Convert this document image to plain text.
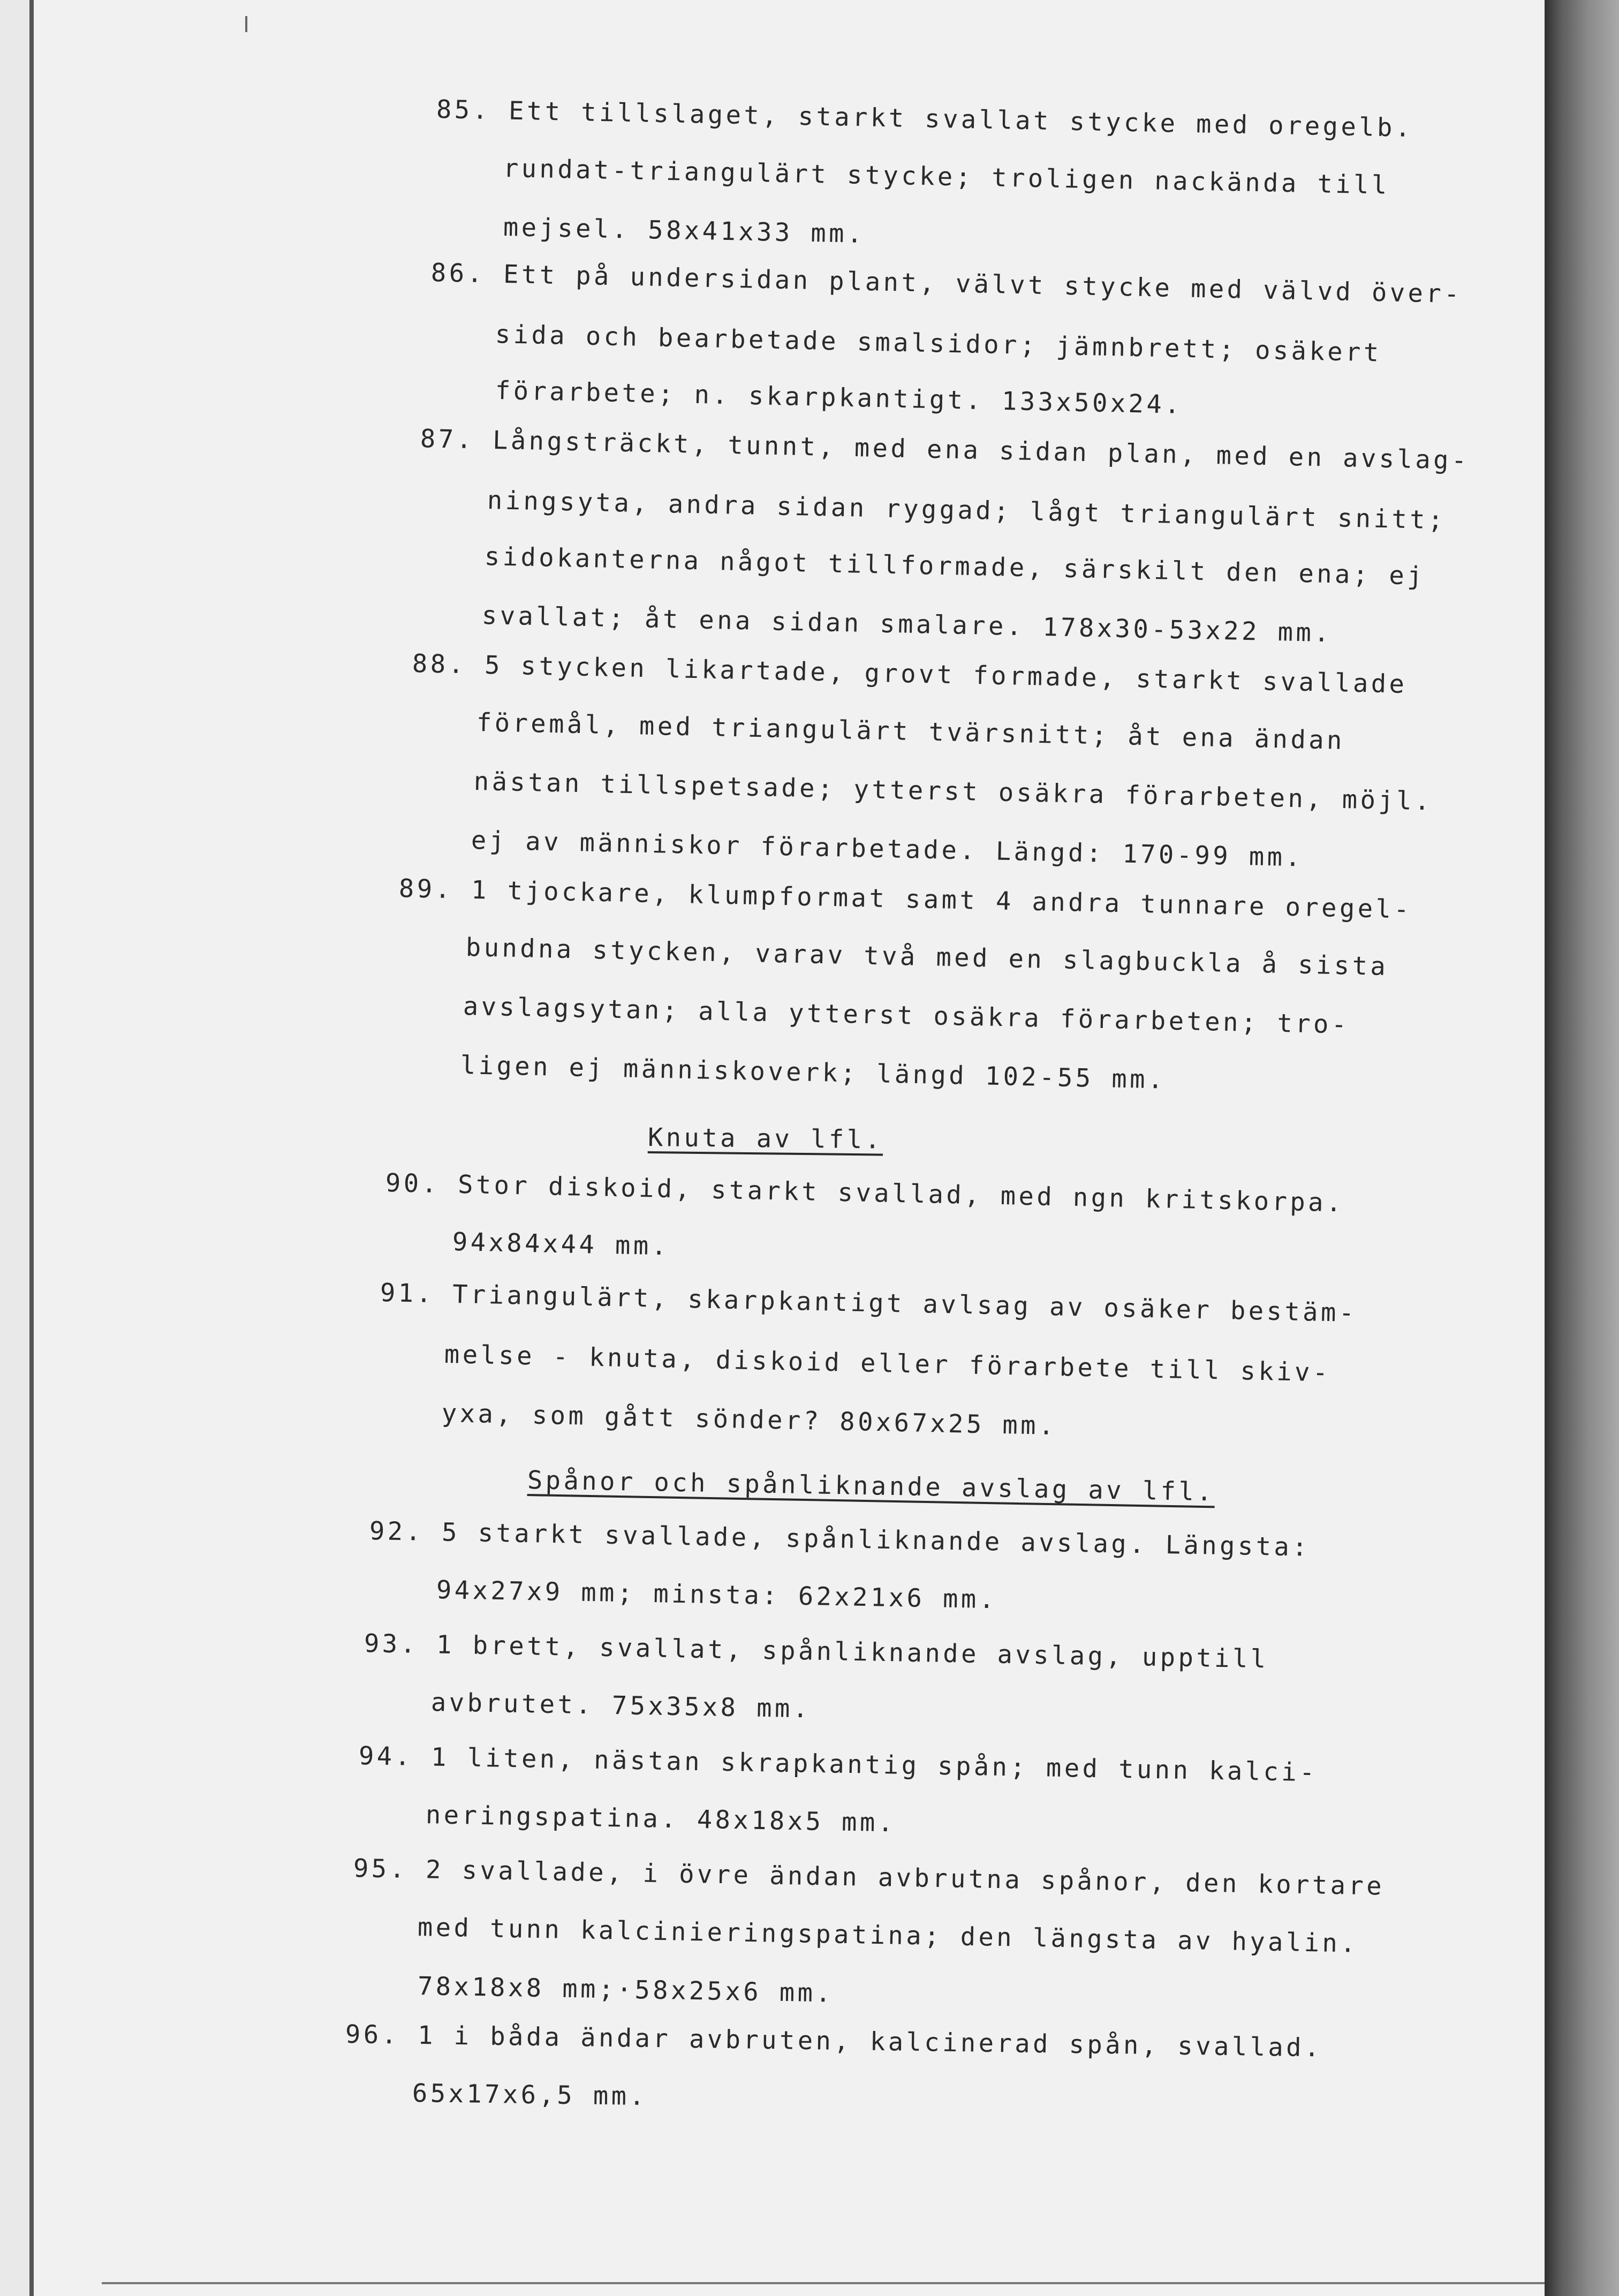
85. Ett tillslaget, starkt svallat stycke med oregelb.
rundat-triangulärt stycke; troligen nackända till
mejsel. 58x41x33 mm.
86. Ett på undersidan plant, välvt stycke med välvd över-
sida och bearbetade smalsidor; jämnbrett; osäkert
förarbete; n. skarpkantigt. 133x50x24.
87. Långsträckt, tunnt, med ena sidan plan, med en avslag-
ningsyta, andra sidan ryggad; lågt triangulärt snitt;
sidokanterna något tillformade, särskilt den ena; ej
svallat; åt ena sidan smalare. 178x30-53x22 mm.
88. 5 stycken likartade, grovt formade, starkt svallade
föremål, med triangulärt tvärsnitt; åt ena ändan
nästan tillspetsade; ytterst osäkra förarbeten, möjl.
ej av människor förarbetade. Längd: 170-99 mm.
89. 1 tjockare, klumpformat samt 4 andra tunnare oregel-
bundna stycken, varav två med en slagbuckla å sista
avslagsytan; alla ytterst osäkra förarbeten; tro-
ligen ej människoverk; längd 102-55 mm.
Knuta av lfl.
90. Stor diskoid, starkt svallad, med ngn kritskorpa.
94x84x44 mm.
91. Triangulärt, skarpkantigt avlsag av osäker bestäm-
melse - knuta, diskoid eller förarbete till skiv-
yxa, som gått sönder? 80x67x25 mm.
Spånor och spånliknande avslag av lfl.
92. 5 starkt svallade, spånliknande avslag. Längsta:
94x27x9 mm; minsta: 62x21x6 mm.
93. 1 brett, svallat, spånliknande avslag, upptill
avbrutet. 75x35x8 mm.
94. 1 liten, nästan skrapkantig spån; med tunn kalci-
neringspatina. 48x18x5 mm.
95. 2 svallade, i övre ändan avbrutna spånor, den kortare
med tunn kalcinieringspatina; den längsta av hyalin.
78x18x8 mm;·58x25x6 mm.
96. 1 i båda ändar avbruten, kalcinerad spån, svallad.
65x17x6,5 mm.
